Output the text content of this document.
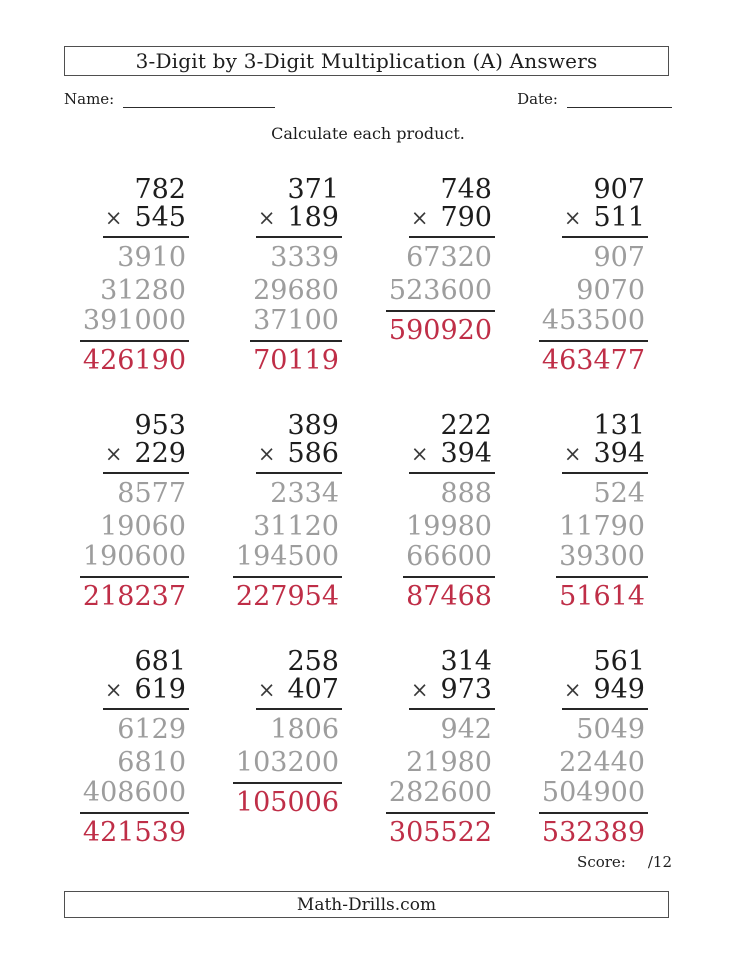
3-Digit by 3-Digit Multiplication (A) Answers
Name:	Date:
Calculate each product.
782
× 545
3910
31280
391000
426190
371
× 189
3339
29680
37100
70119
748
× 790
67320
523600
590920
907
× 511
907
9070
453500
463477
953
× 229
8577
19060
190600
218237
389
× 586
2334
31120
194500
227954
222
× 394
888
19980
66600
87468
131
× 394
524
11790
39300
51614
681
× 619
6129
6810
408600
421539
258
× 407
1806
103200
105006
314
× 973
942
21980
282600
305522
561
× 949
5049
22440
504900
532389
Score: /12
Math-Drills.com
